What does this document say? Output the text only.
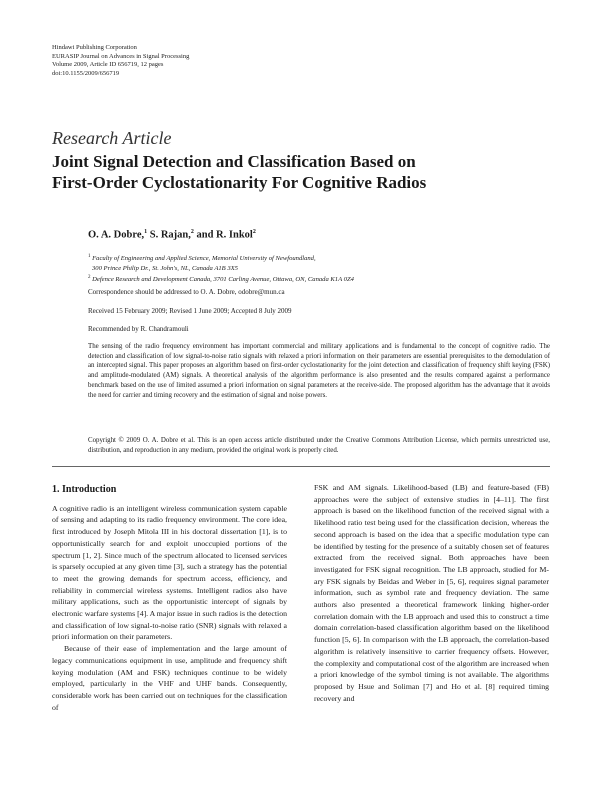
Hindawi Publishing Corporation
EURASIP Journal on Advances in Signal Processing
Volume 2009, Article ID 656719, 12 pages
doi:10.1155/2009/656719
Research Article
Joint Signal Detection and Classification Based on
First-Order Cyclostationarity For Cognitive Radios
O. A. Dobre,$^1$ S. Rajan,$^2$ and R. Inkol$^2$
$^1$ Faculty of Engineering and Applied Science, Memorial University of Newfoundland,
300 Prince Philip Dr., St. John's, NL, Canada A1B 3X5
$^2$ Defence Research and Development Canada, 3701 Carling Avenue, Ottawa, ON, Canada K1A 0Z4
Correspondence should be addressed to O. A. Dobre, odobre@mun.ca
Received 15 February 2009; Revised 1 June 2009; Accepted 8 July 2009
Recommended by R. Chandramouli
The sensing of the radio frequency environment has important commercial and military applications and is fundamental to the concept of cognitive radio. The detection and classification of low signal-to-noise ratio signals with relaxed a priori information on their parameters are essential prerequisites to the demodulation of an intercepted signal. This paper proposes an algorithm based on first-order cyclostationarity for the joint detection and classification of frequency shift keying (FSK) and amplitude-modulated (AM) signals. A theoretical analysis of the algorithm performance is also presented and the results compared against a performance benchmark based on the use of limited assumed a priori information on signal parameters at the receive-side. The proposed algorithm has the advantage that it avoids the need for carrier and timing recovery and the estimation of signal and noise powers.
Copyright © 2009 O. A. Dobre et al. This is an open access article distributed under the Creative Commons Attribution License, which permits unrestricted use, distribution, and reproduction in any medium, provided the original work is properly cited.
1. Introduction

A cognitive radio is an intelligent wireless communication system capable of sensing and adapting to its radio frequency environment. The core idea, first introduced by Joseph Mitola III in his doctoral dissertation [1], is to opportunistically search for and exploit unoccupied portions of the spectrum [1, 2]. Since much of the spectrum allocated to licensed services is sparsely occupied at any given time [3], such a strategy has the potential to meet the growing demands for spectrum access, efficiency, and reliability in commercial wireless systems. Intelligent radios also have military applications, such as the opportunistic intercept of signals by electronic warfare systems [4]. A major issue in such radios is the detection and classification of low signal-to-noise ratio (SNR) signals with relaxed a priori information on their parameters.

Because of their ease of implementation and the large amount of legacy communications equipment in use, amplitude and frequency shift keying modulation (AM and FSK) techniques continue to be widely employed, particularly in the VHF and UHF bands. Consequently, considerable work has been carried out on techniques for the classification of

FSK and AM signals. Likelihood-based (LB) and feature-based (FB) approaches were the subject of extensive studies in [4–11]. The first approach is based on the likelihood function of the received signal with a likelihood ratio test being used for the classification decision, whereas the second approach is based on the idea that a specific modulation type can be identified by testing for the presence of a suitably chosen set of features extracted from the received signal. Both approaches have been investigated for FSK signal recognition. The LB approach, studied for M-ary FSK signals by Beidas and Weber in [5, 6], requires signal parameter information, such as symbol rate and frequency deviation. The same authors also presented a theoretical framework linking higher-order correlation domain with the LB approach and used this to construct a time domain correlation-based classification algorithm based on the likelihood function [5, 6]. In comparison with the LB approach, the correlation-based algorithm is relatively insensitive to carrier frequency offsets. However, the complexity and computational cost of the algorithm are increased when a priori knowledge of the symbol timing is not available. The algorithms proposed by Hsue and Soliman [7] and Ho et al. [8] required timing recovery and
